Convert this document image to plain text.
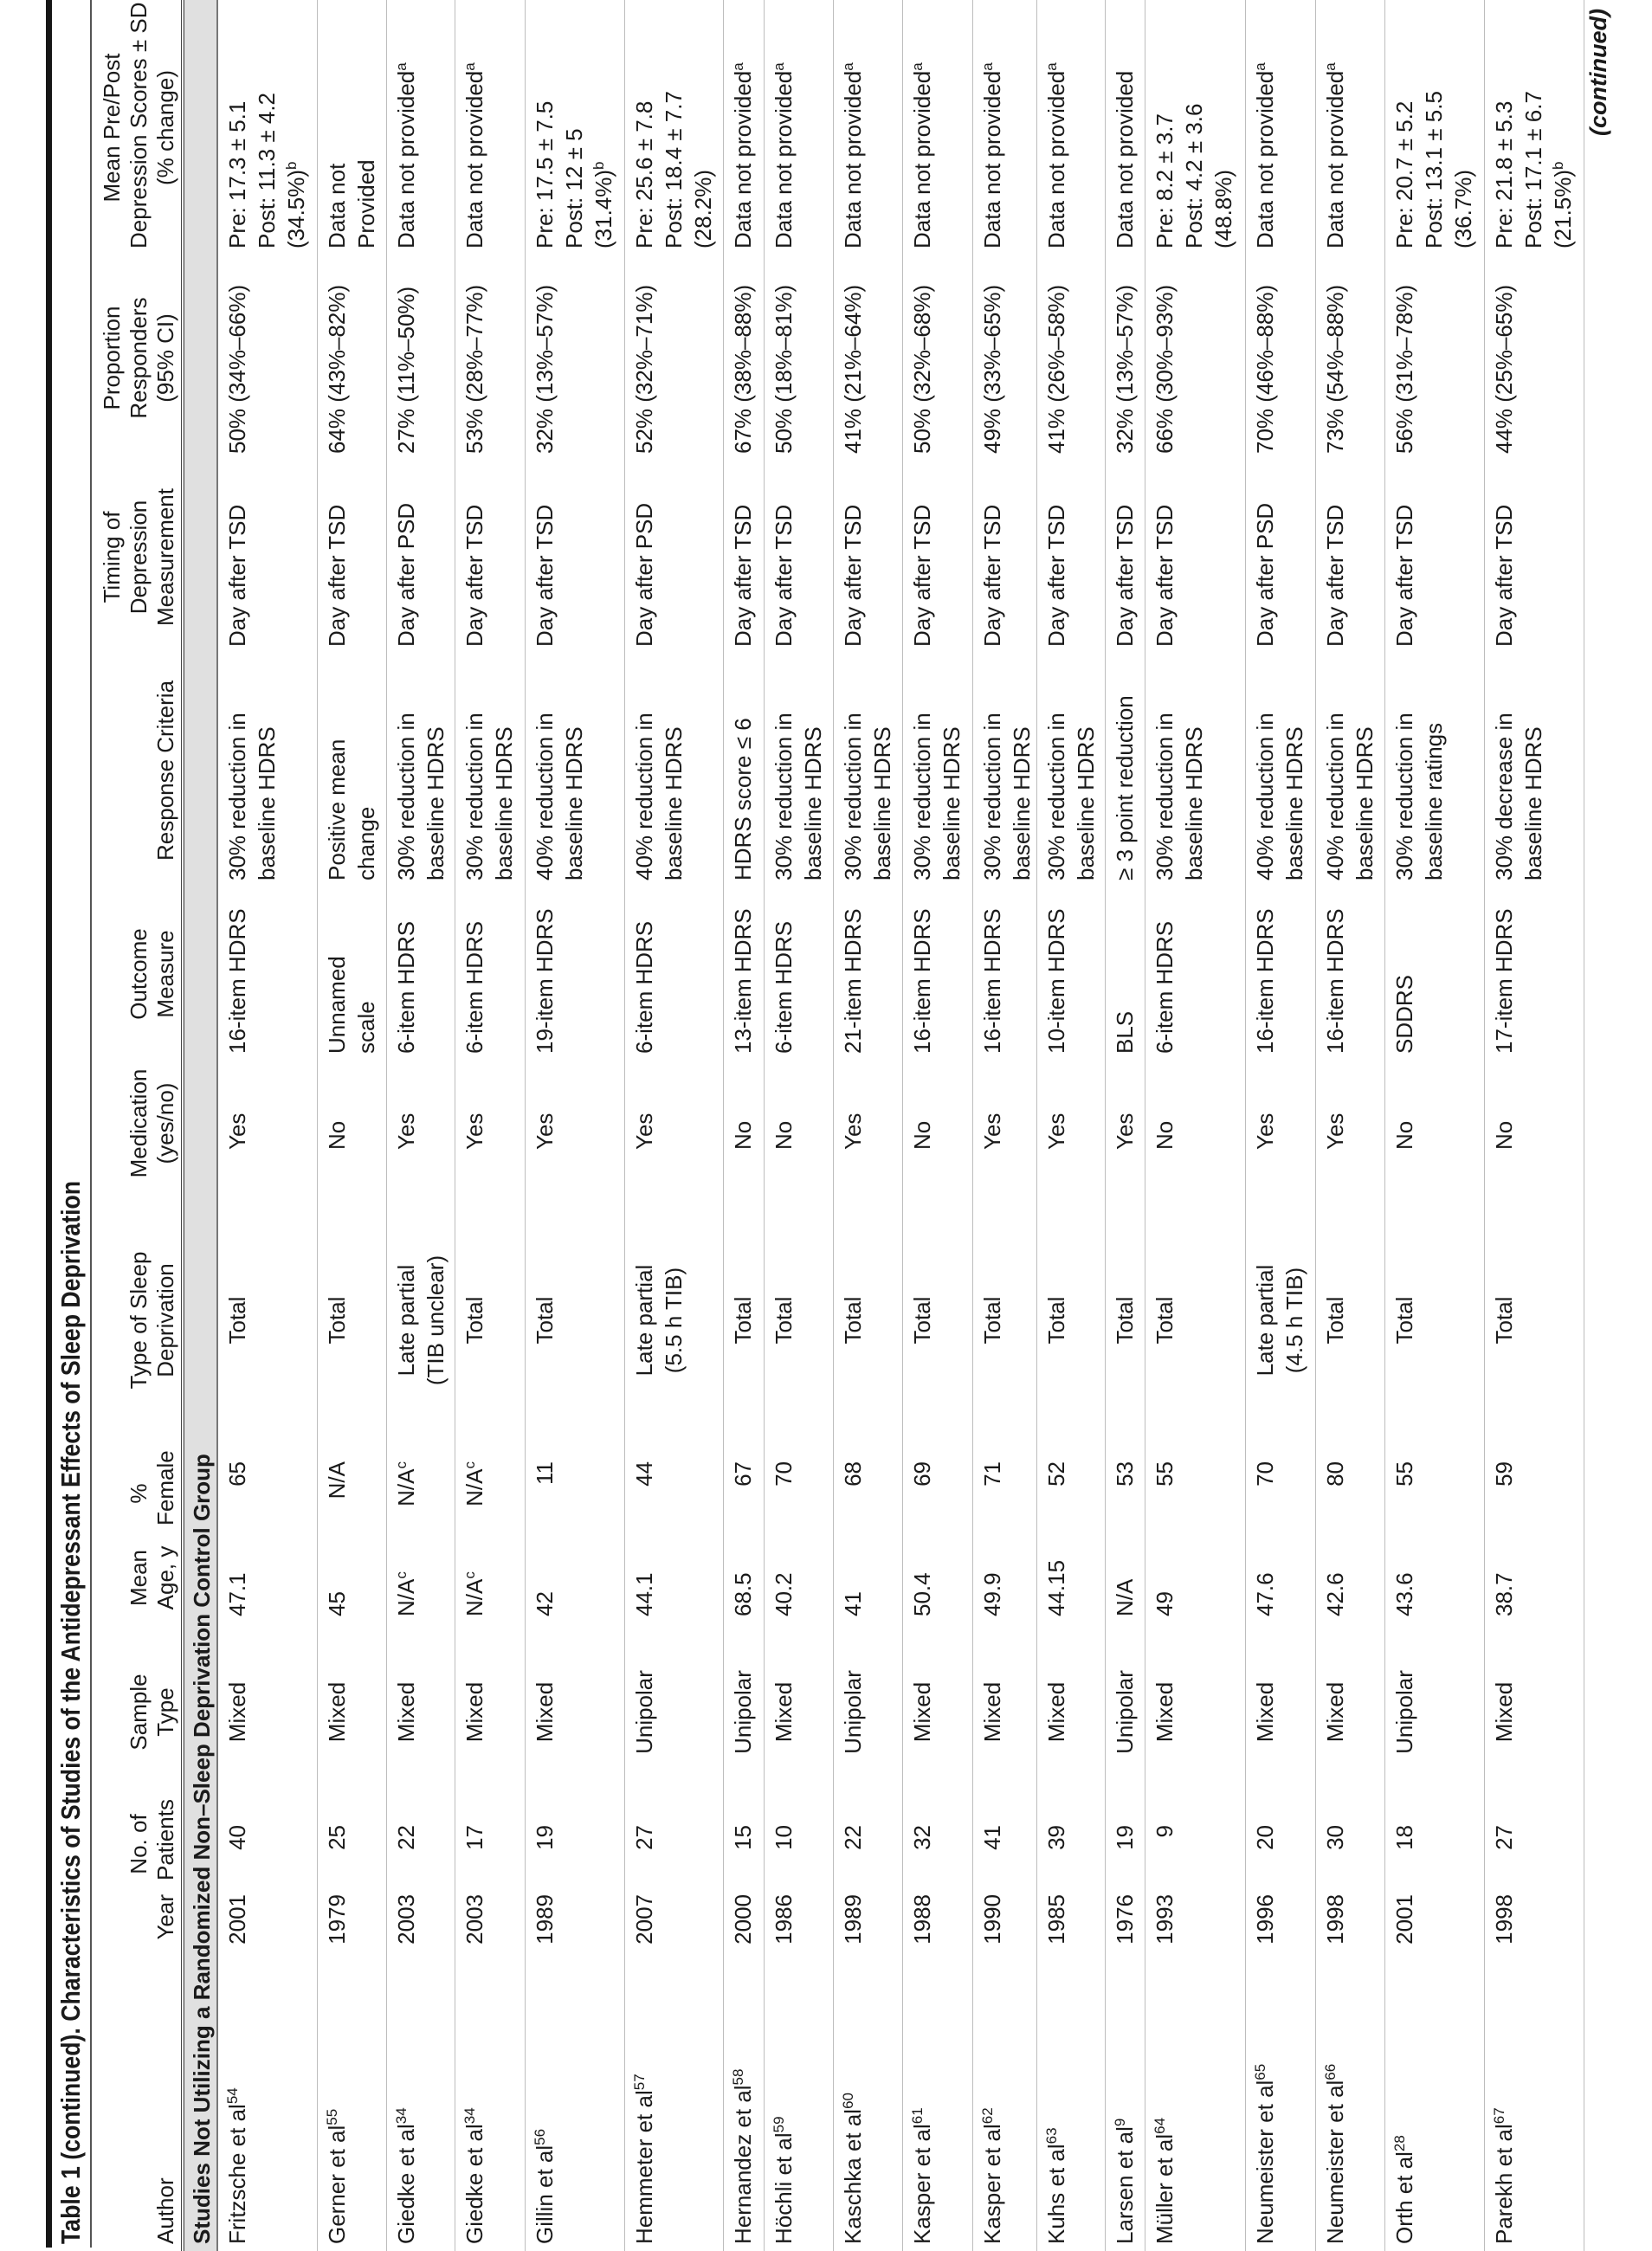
Table 1 (continued). Characteristics of Studies of the Antidepressant Effects of Sleep Deprivation	Author	Year	No. of Patients	Sample Type	Mean Age, y	% Female	Type of Sleep Deprivation	Medication (yes/no)	Outcome Measure	Response Criteria	Timing of Depression Measurement	Proportion Responders (95% CI)	Mean Pre/Post Depression Scores ± SD (% change)

Studies Not Utilizing a Randomized Non–Sleep Deprivation Control Group												
Fritzsche et $al^{54}$	2001	40	Mixed	47.1	65	Total	Yes	16-item HDRS	30% reduction in baseline HDRS	Day after TSD	50% (34%–66%)	Pre: 17.3 ± 5.1 Post: 11.3 ± 4.2 $(34.5\%)^b$

Gerner et $al^{55}$	1979	25	Mixed	45	N/A	Total	No	Unnamed scale	Positive mean change	Day after TSD	64% (43%–82%)	Data not Provided

Giedke et $al^{34}$	2003	22	Mixed	$N/A^c$	$N/A^c$	Late partial (TIB unclear)	Yes	6-item HDRS	30% reduction in baseline HDRS	Day after PSD	27% (11%–50%)	Data not provided$^a$

Giedke et $al^{34}$	2003	17	Mixed	$N/A^c$	$N/A^c$	Total	Yes	6-item HDRS	30% reduction in baseline HDRS	Day after TSD	53% (28%–77%)	Data not provided$^a$

Gillin et $al^{56}$	1989	19	Mixed	42	11	Total	Yes	19-item HDRS	40% reduction in baseline HDRS	Day after TSD	32% (13%–57%)	Pre: 17.5 ± 7.5 Post: 12 ± 5 $(31.4\%)^b$

Hemmeter et $al^{57}$	2007	27	Unipolar	44.1	44	Late partial (5.5 h TIB)	Yes	6-item HDRS	40% reduction in baseline HDRS	Day after PSD	52% (32%–71%)	Pre: 25.6 ± 7.8 Post: 18.4 ± 7.7 (28.2%)

Hernandez et $al^{58}$	2000	15	Unipolar	68.5	67	Total	No	13-item HDRS	HDRS score ≤ 6	Day after TSD	67% (38%–88%)	Data not provided$^a$

Höchli et $al^{59}$	1986	10	Mixed	40.2	70	Total	No	6-item HDRS	30% reduction in baseline HDRS	Day after TSD	50% (18%–81%)	Data not provided$^a$

Kaschka et $al^{60}$	1989	22	Unipolar	41	68	Total	Yes	21-item HDRS	30% reduction in baseline HDRS	Day after TSD	41% (21%–64%)	Data not provided$^a$

Kasper et $al^{61}$	1988	32	Mixed	50.4	69	Total	No	16-item HDRS	30% reduction in baseline HDRS	Day after TSD	50% (32%–68%)	Data not provided$^a$

Kasper et $al^{62}$	1990	41	Mixed	49.9	71	Total	Yes	16-item HDRS	30% reduction in baseline HDRS	Day after TSD	49% (33%–65%)	Data not provided$^a$

Kuhs et $al^{63}$	1985	39	Mixed	44.15	52	Total	Yes	10-item HDRS	30% reduction in baseline HDRS	Day after TSD	41% (26%–58%)	Data not provided$^a$

Larsen et $al^9$	1976	19	Unipolar	N/A	53	Total	Yes	BLS	≥ 3 point reduction	Day after TSD	32% (13%–57%)	Data not provided

Müller et $al^{64}$	1993	9	Mixed	49	55	Total	No	6-item HDRS	30% reduction in baseline HDRS	Day after TSD	66% (30%–93%)	Pre: 8.2 ± 3.7 Post: 4.2 ± 3.6 (48.8%)

Neumeister et $al^{65}$	1996	20	Mixed	47.6	70	Late partial (4.5 h TIB)	Yes	16-item HDRS	40% reduction in baseline HDRS	Day after PSD	70% (46%–88%)	Data not provided$^a$

Neumeister et $al^{66}$	1998	30	Mixed	42.6	80	Total	Yes	16-item HDRS	40% reduction in baseline HDRS	Day after TSD	73% (54%–88%)	Data not provided$^a$

Orth et $al^{28}$	2001	18	Unipolar	43.6	55	Total	No	SDDRS	30% reduction in baseline ratings	Day after TSD	56% (31%–78%)	Pre: 20.7 ± 5.2 Post: 13.1 ± 5.5 (36.7%)

Parekh et $al^{67}$	1998	27	Mixed	38.7	59	Total	No	17-item HDRS	30% decrease in baseline HDRS	Day after TSD	44% (25%–65%)	Pre: 21.8 ± 5.3 Post: 17.1 ± 6.7 $(21.5\%)^b$
(continued)
